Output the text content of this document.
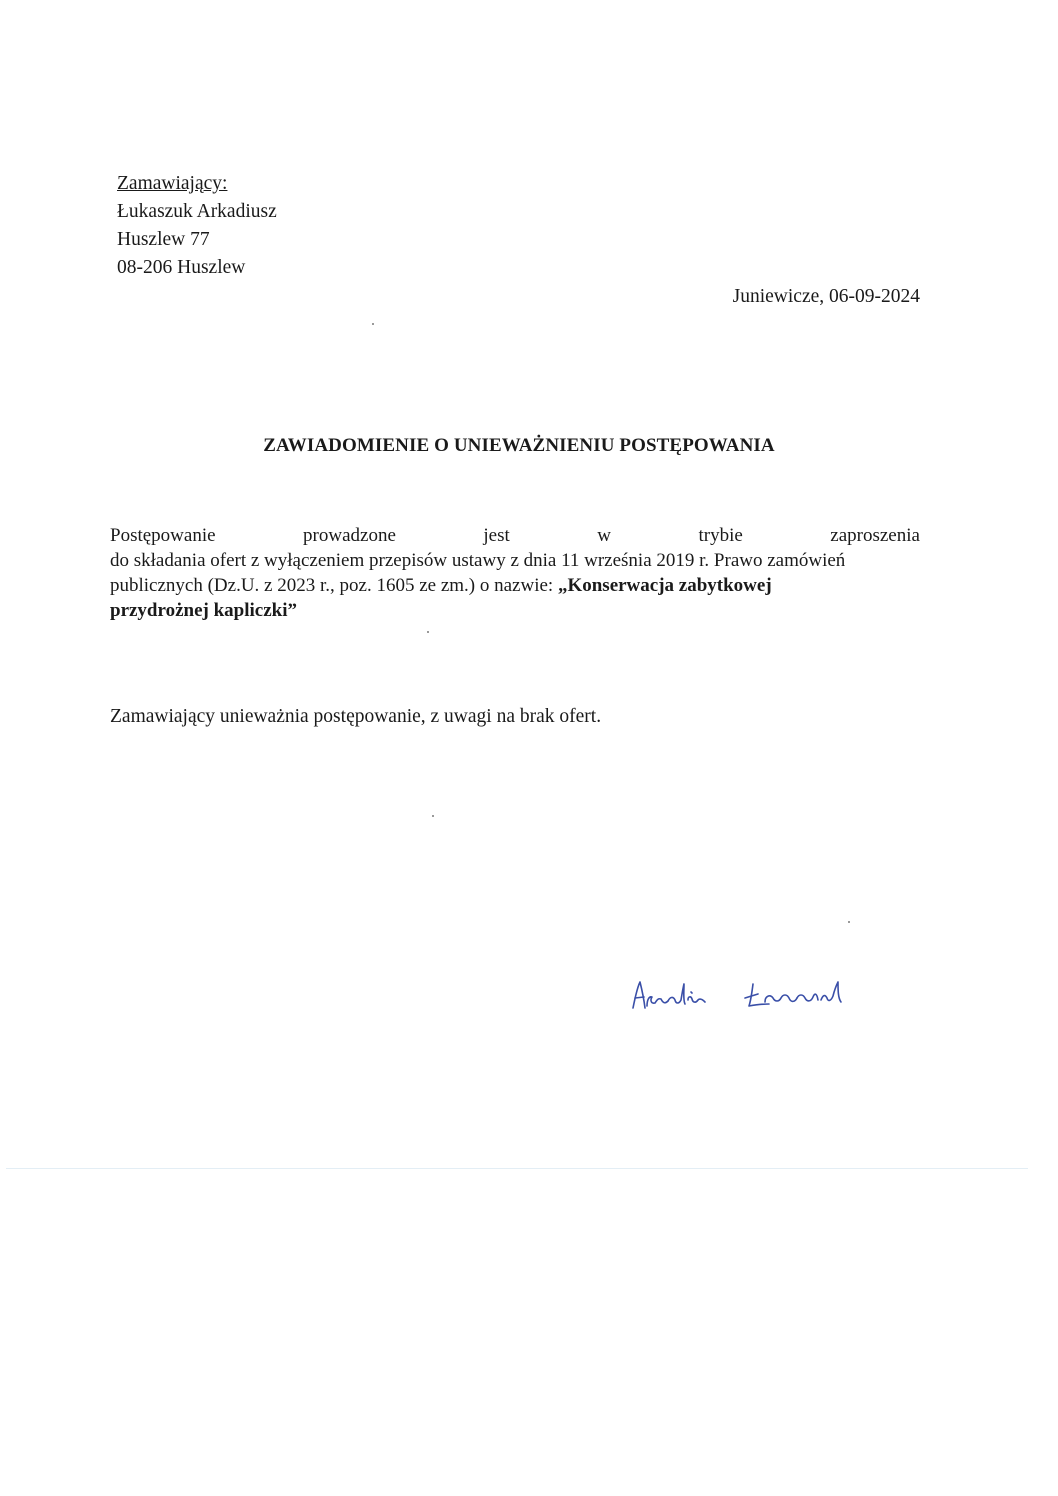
Zamawiający:
Łukaszuk Arkadiusz
Huszlew 77
08-206 Huszlew
Juniewicze, 06-09-2024
ZAWIADOMIENIE O UNIEWAŻNIENIU POSTĘPOWANIA
Postępowanie	prowadzone	jest	w	trybie	zaproszenia
do składania ofert z wyłączeniem przepisów ustawy z dnia 11 września 2019 r. Prawo zamówień
publicznych (Dz.U. z 2023 r., poz. 1605 ze zm.) o nazwie: „Konserwacja zabytkowej
przydrożnej kapliczki”
Zamawiający unieważnia postępowanie, z uwagi na brak ofert.
